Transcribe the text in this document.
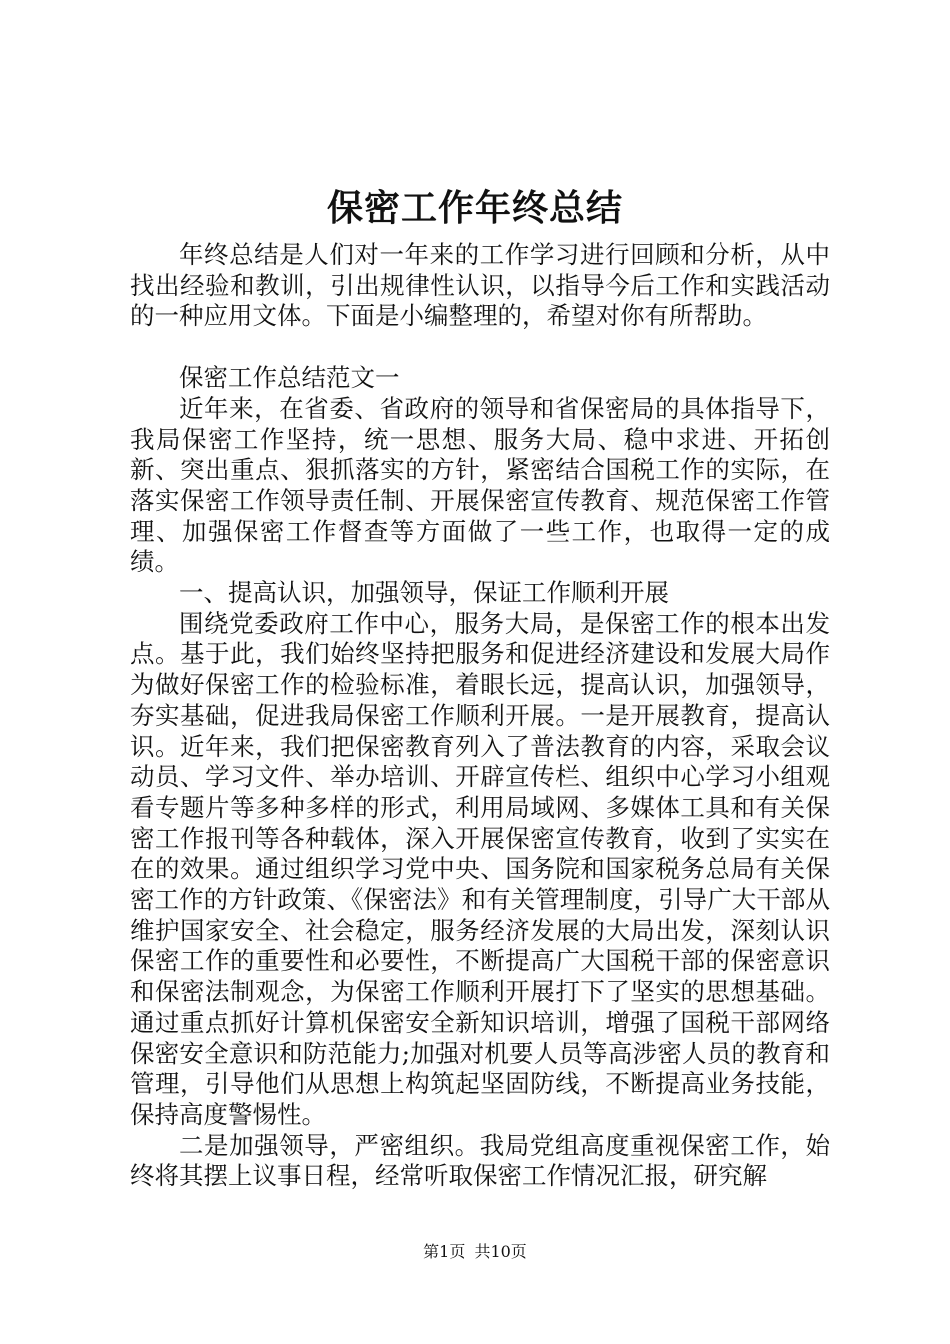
保密工作年终总结

年终总结是人们对一年来的工作学习进行回顾和分析，从中找出经验和教训，引出规律性认识，以指导今后工作和实践活动的一种应用文体。下面是小编整理的，希望对你有所帮助。

保密工作总结范文一

近年来，在省委、省政府的领导和省保密局的具体指导下，我局保密工作坚持，统一思想、服务大局、稳中求进、开拓创新、突出重点、狠抓落实的方针，紧密结合国税工作的实际，在落实保密工作领导责任制、开展保密宣传教育、规范保密工作管理、加强保密工作督查等方面做了一些工作，也取得一定的成绩。

一、提高认识，加强领导，保证工作顺利开展

围绕党委政府工作中心，服务大局，是保密工作的根本出发点。基于此，我们始终坚持把服务和促进经济建设和发展大局作为做好保密工作的检验标准，着眼长远，提高认识，加强领导，夯实基础，促进我局保密工作顺利开展。一是开展教育，提高认识。近年来，我们把保密教育列入了普法教育的内容，采取会议动员、学习文件、举办培训、开辟宣传栏、组织中心学习小组观看专题片等多种多样的形式，利用局域网、多媒体工具和有关保密工作报刊等各种载体，深入开展保密宣传教育，收到了实实在在的效果。通过组织学习党中央、国务院和国家税务总局有关保密工作的方针政策、《保密法》和有关管理制度，引导广大干部从维护国家安全、社会稳定，服务经济发展的大局出发，深刻认识保密工作的重要性和必要性，不断提高广大国税干部的保密意识和保密法制观念，为保密工作顺利开展打下了坚实的思想基础。通过重点抓好计算机保密安全新知识培训，增强了国税干部网络保密安全意识和防范能力;加强对机要人员等高涉密人员的教育和管理，引导他们从思想上构筑起坚固防线，不断提高业务技能，保持高度警惕性。

二是加强领导，严密组织。我局党组高度重视保密工作，始终将其摆上议事日程，经常听取保密工作情况汇报，研究解

第1页 共10页
